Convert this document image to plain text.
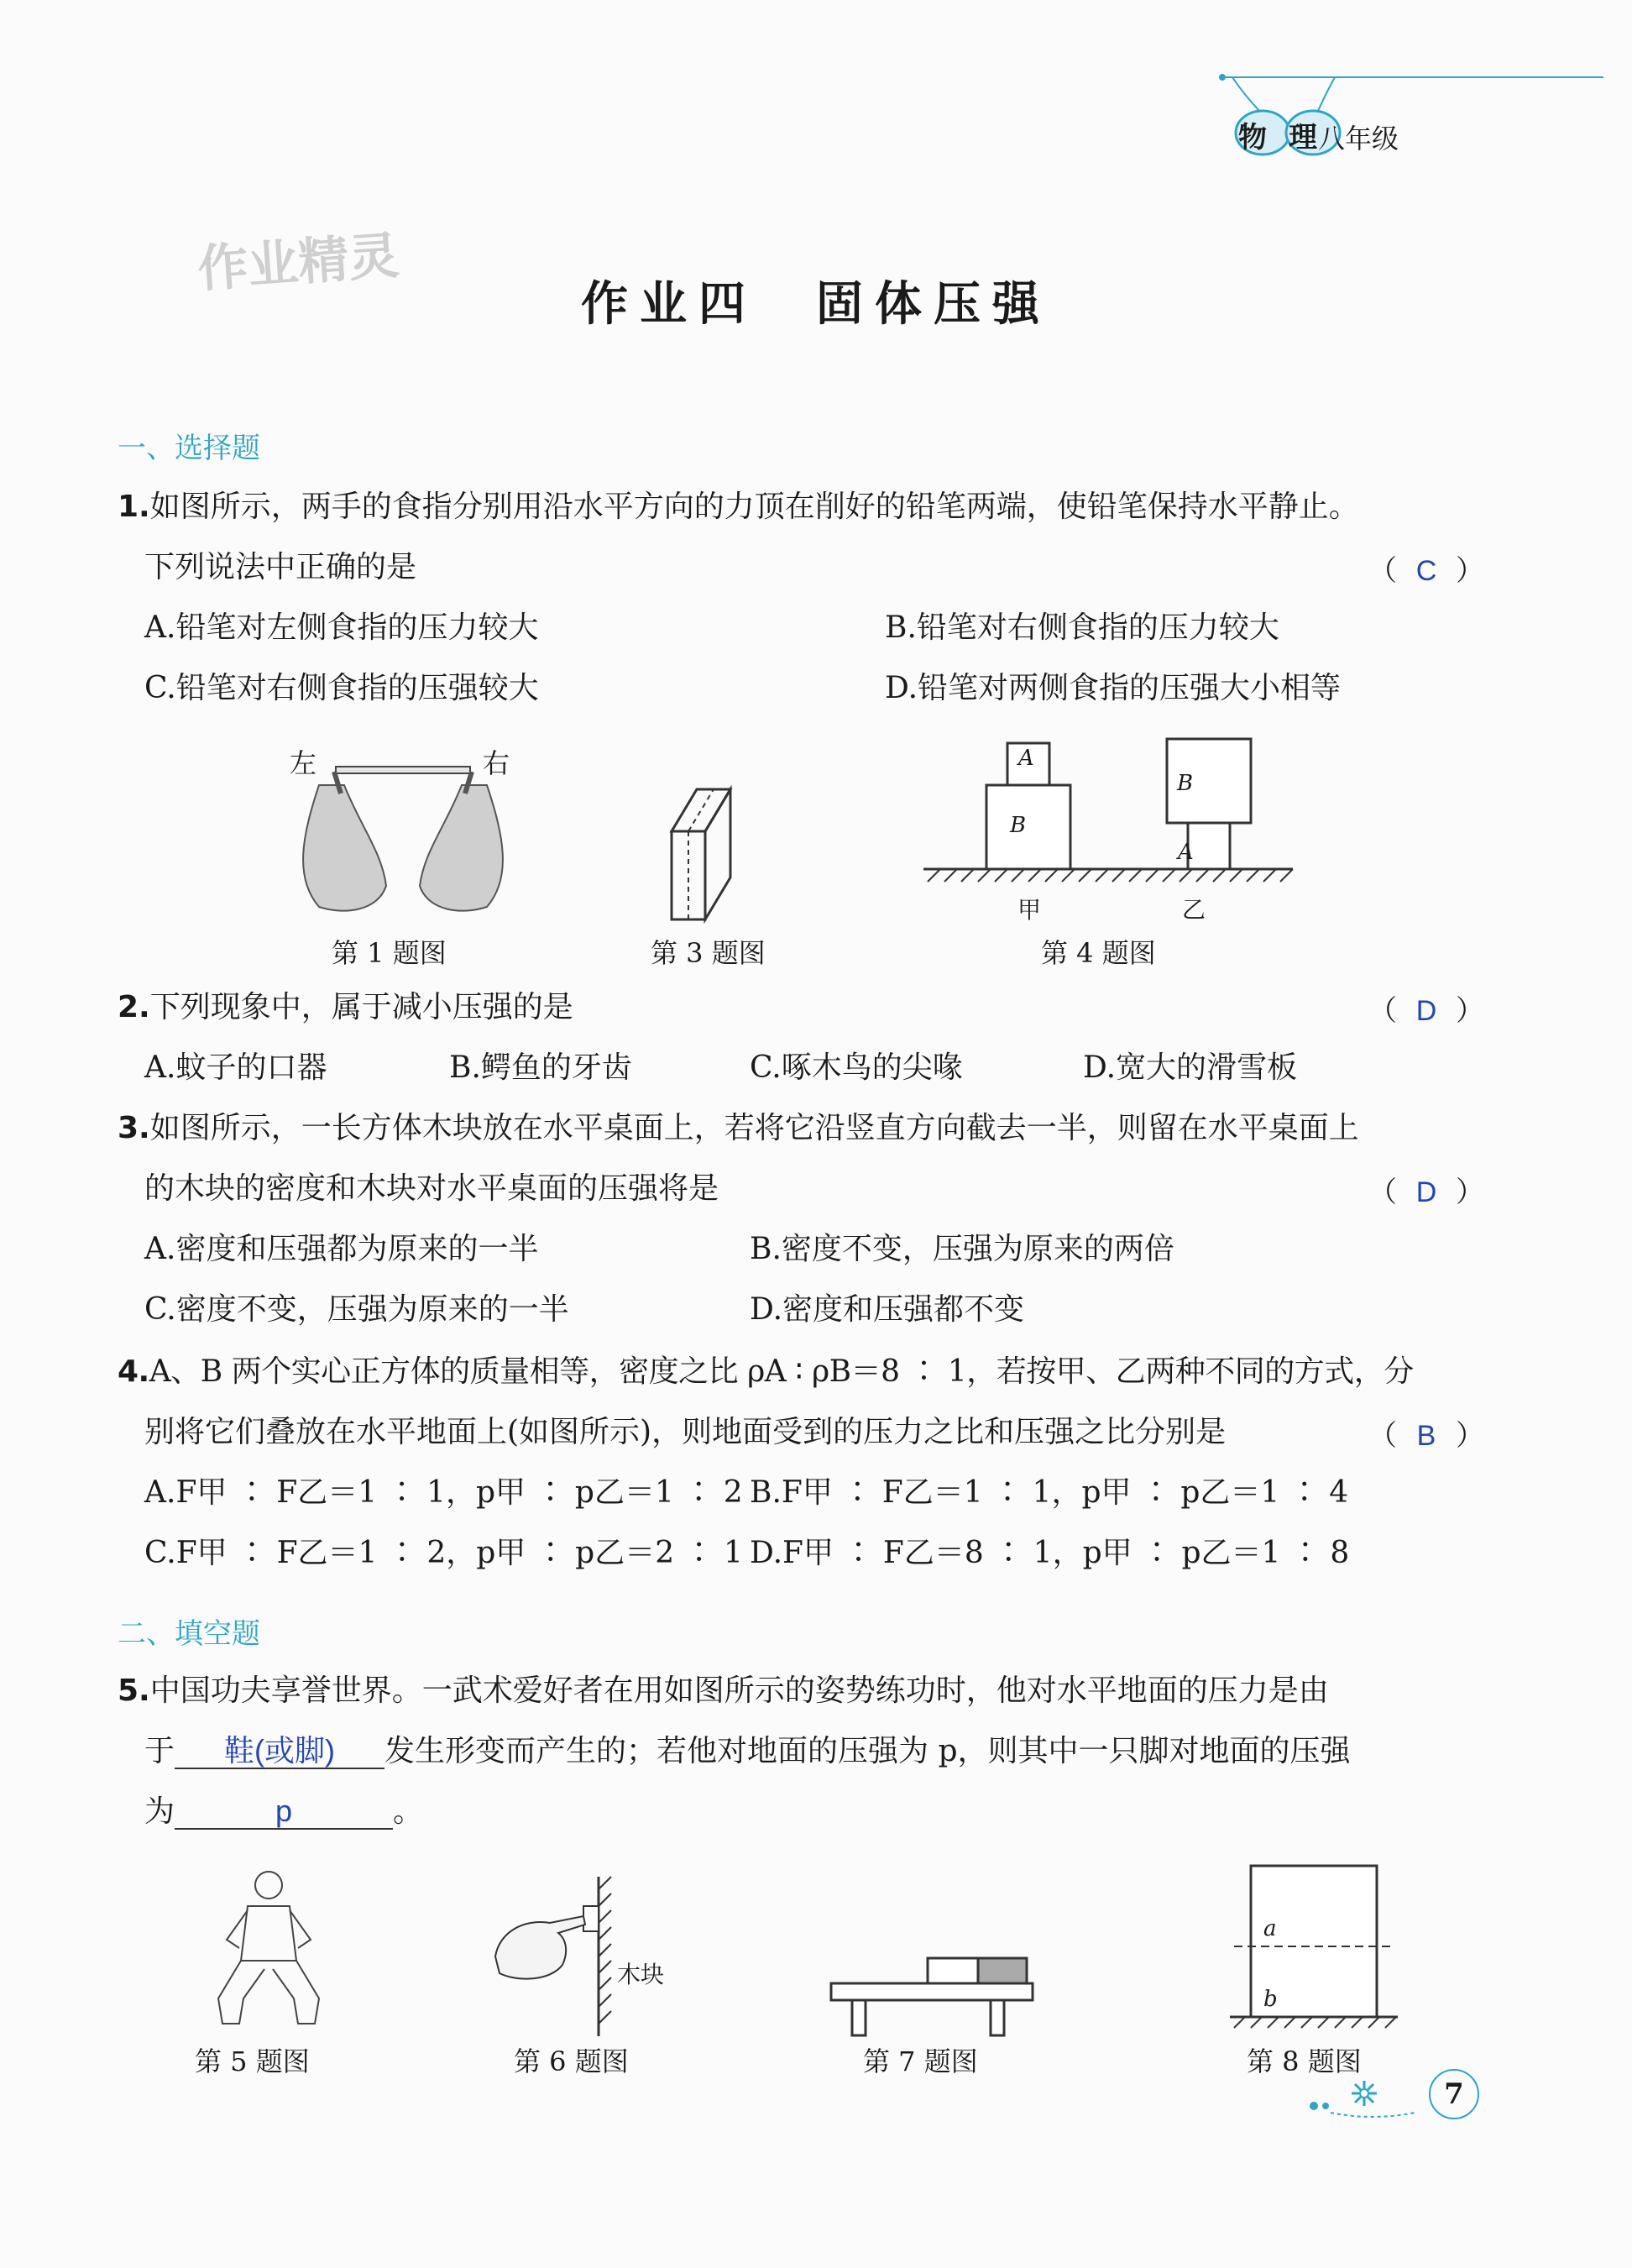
物理
八年级
作业精灵
作业四　固体压强
一、选择题
1.如图所示，两手的食指分别用沿水平方向的力顶在削好的铅笔两端，使铅笔保持水平静止。
下列说法中正确的是	（ C ）
A.铅笔对左侧食指的压力较大	B.铅笔对右侧食指的压力较大
C.铅笔对右侧食指的压强较大	D.铅笔对两侧食指的压强大小相等
左	右
第 1 题图	第 3 题图
A
B
B
A
甲	乙
第 4 题图
2.下列现象中，属于减小压强的是	（ D ）
A.蚊子的口器	B.鳄鱼的牙齿	C.啄木鸟的尖喙	D.宽大的滑雪板
3.如图所示，一长方体木块放在水平桌面上，若将它沿竖直方向截去一半，则留在水平桌面上
的木块的密度和木块对水平桌面的压强将是	（ D ）
A.密度和压强都为原来的一半	B.密度不变，压强为原来的两倍
C.密度不变，压强为原来的一半	D.密度和压强都不变
4.A、B 两个实心正方体的质量相等，密度之比 ρA ∶ ρB＝8 ∶ 1，若按甲、乙两种不同的方式，分
别将它们叠放在水平地面上(如图所示)，则地面受到的压力之比和压强之比分别是	（ B ）
A.F甲 ∶ F乙＝1 ∶ 1，p甲 ∶ p乙＝1 ∶ 2 B.F甲 ∶ F乙＝1 ∶ 1，p甲 ∶ p乙＝1 ∶ 4
C.F甲 ∶ F乙＝1 ∶ 2，p甲 ∶ p乙＝2 ∶ 1 D.F甲 ∶ F乙＝8 ∶ 1，p甲 ∶ p乙＝1 ∶ 8
二、填空题
5.中国功夫享誉世界。一武术爱好者在用如图所示的姿势练功时，他对水平地面的压力是由
于 鞋(或脚) 发生形变而产生的；若他对地面的压强为 p，则其中一只脚对地面的压强
为	p	。
第 5 题图
木块
第 6 题图	第 7 题图
a
b
第 8 题图
7
